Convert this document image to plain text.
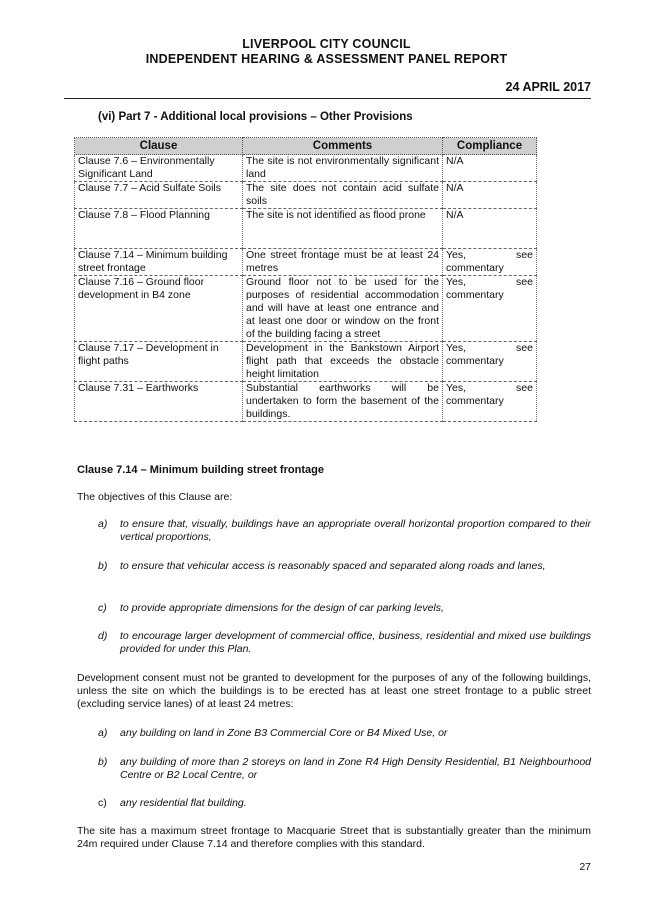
LIVERPOOL CITY COUNCIL
INDEPENDENT HEARING & ASSESSMENT PANEL REPORT
24 APRIL 2017
(vi) Part 7 - Additional local provisions – Other Provisions
Clause	Comments	Compliance
Clause 7.6 – Environmentally Significant Land	The site is not environmentally significant land	N/A
Clause 7.7 – Acid Sulfate Soils	The site does not contain acid sulfate soils	N/A
Clause 7.8 – Flood Planning	The site is not identified as flood prone	N/A
Clause 7.14 – Minimum building street frontage	One street frontage must be at least 24 metres	Yes, see commentary
Clause 7.16 – Ground floor development in B4 zone	Ground floor not to be used for the purposes of residential accommodation and will have at least one entrance and at least one door or window on the front of the building facing a street	Yes, see commentary
Clause 7.17 – Development in flight paths	Development in the Bankstown Airport flight path that exceeds the obstacle height limitation	Yes, see commentary
Clause 7.31 – Earthworks	Substantial earthworks will be undertaken to form the basement of the buildings.	Yes, see commentary
Clause 7.14 – Minimum building street frontage
The objectives of this Clause are:
a) to ensure that, visually, buildings have an appropriate overall horizontal proportion compared to their vertical proportions,
b) to ensure that vehicular access is reasonably spaced and separated along roads and lanes,
c) to provide appropriate dimensions for the design of car parking levels,
d) to encourage larger development of commercial office, business, residential and mixed use buildings provided for under this Plan.
Development consent must not be granted to development for the purposes of any of the following buildings, unless the site on which the buildings is to be erected has at least one street frontage to a public street (excluding service lanes) of at least 24 metres:
a) any building on land in Zone B3 Commercial Core or B4 Mixed Use, or
b) any building of more than 2 storeys on land in Zone R4 High Density Residential, B1 Neighbourhood Centre or B2 Local Centre, or
c) any residential flat building.
The site has a maximum street frontage to Macquarie Street that is substantially greater than the minimum 24m required under Clause 7.14 and therefore complies with this standard.
27
